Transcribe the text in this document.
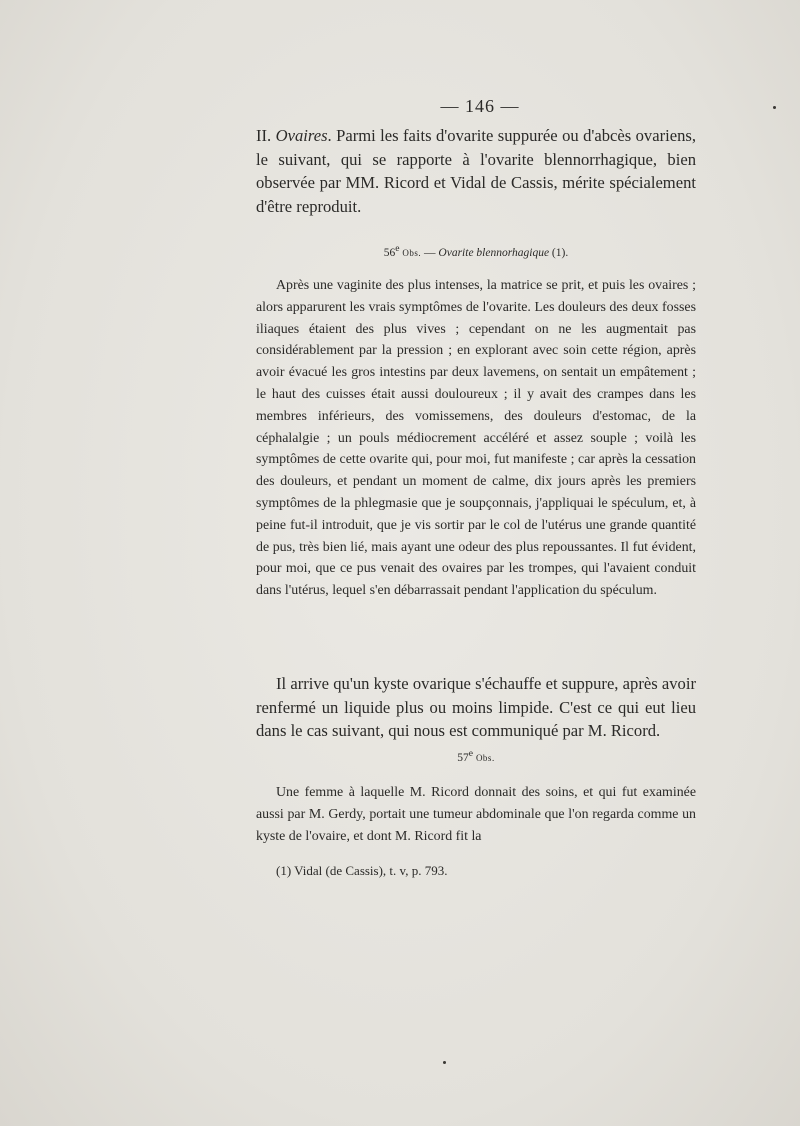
— 146 —

II. Ovaires. Parmi les faits d'ovarite suppurée ou d'abcès ovariens, le suivant, qui se rapporte à l'ovarite blennorrhagique, bien observée par MM. Ricord et Vidal de Cassis, mérite spécialement d'être reproduit.

56e Obs. — Ovarite blennorhagique (1).

Après une vaginite des plus intenses, la matrice se prit, et puis les ovaires ; alors apparurent les vrais symptômes de l'ovarite. Les douleurs des deux fosses iliaques étaient des plus vives ; cependant on ne les augmentait pas considérablement par la pression ; en explorant avec soin cette région, après avoir évacué les gros intestins par deux lavemens, on sentait un empâtement ; le haut des cuisses était aussi douloureux ; il y avait des crampes dans les membres inférieurs, des vomissemens, des douleurs d'estomac, de la céphalalgie ; un pouls médiocrement accéléré et assez souple ; voilà les symptômes de cette ovarite qui, pour moi, fut manifeste ; car après la cessation des douleurs, et pendant un moment de calme, dix jours après les premiers symptômes de la phlegmasie que je soupçonnais, j'appliquai le spéculum, et, à peine fut-il introduit, que je vis sortir par le col de l'utérus une grande quantité de pus, très bien lié, mais ayant une odeur des plus repoussantes. Il fut évident, pour moi, que ce pus venait des ovaires par les trompes, qui l'avaient conduit dans l'utérus, lequel s'en débarrassait pendant l'application du spéculum.

Il arrive qu'un kyste ovarique s'échauffe et suppure, après avoir renfermé un liquide plus ou moins limpide. C'est ce qui eut lieu dans le cas suivant, qui nous est communiqué par M. Ricord.

57e Obs.

Une femme à laquelle M. Ricord donnait des soins, et qui fut examinée aussi par M. Gerdy, portait une tumeur abdominale que l'on regarda comme un kyste de l'ovaire, et dont M. Ricord fit la

(1) Vidal (de Cassis), t. v, p. 793.
